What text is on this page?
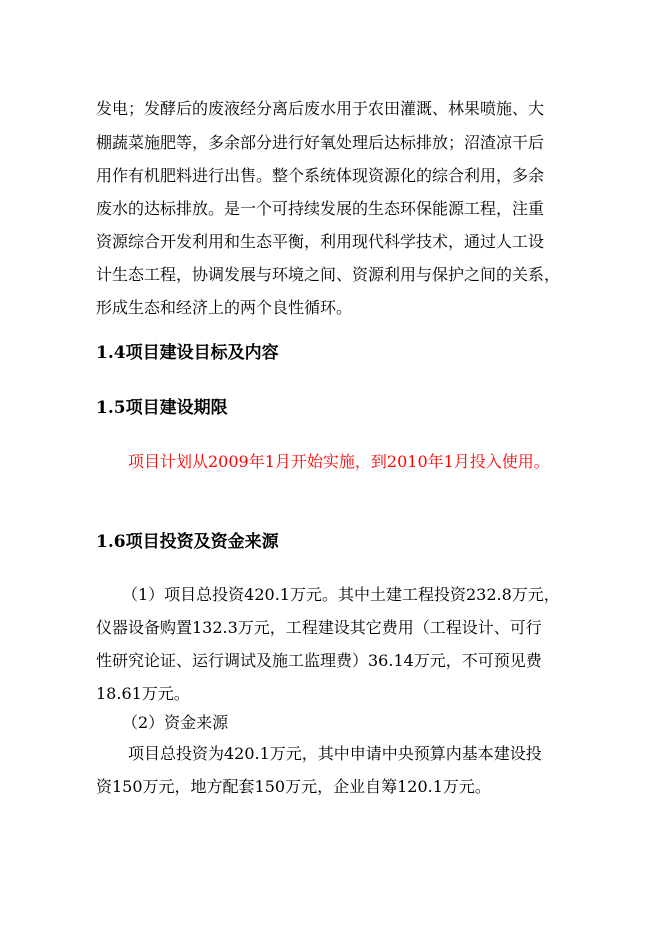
发电；发酵后的废液经分离后废水用于农田灌溉、林果喷施、大
棚蔬菜施肥等，多余部分进行好氧处理后达标排放；沼渣凉干后
用作有机肥料进行出售。整个系统体现资源化的综合利用，多余
废水的达标排放。是一个可持续发展的生态环保能源工程，注重
资源综合开发利用和生态平衡，利用现代科学技术，通过人工设
计生态工程，协调发展与环境之间、资源利用与保护之间的关系，
形成生态和经济上的两个良性循环。
1.4项目建设目标及内容
1.5项目建设期限
项目计划从2009年1月开始实施，到2010年1月投入使用。
1.6项目投资及资金来源
（1）项目总投资420.1万元。其中土建工程投资232.8万元，
仪器设备购置132.3万元，工程建设其它费用（工程设计、可行
性研究论证、运行调试及施工监理费）36.14万元，不可预见费
18.61万元。
（2）资金来源
项目总投资为420.1万元，其中申请中央预算内基本建设投
资150万元，地方配套150万元，企业自筹120.1万元。
